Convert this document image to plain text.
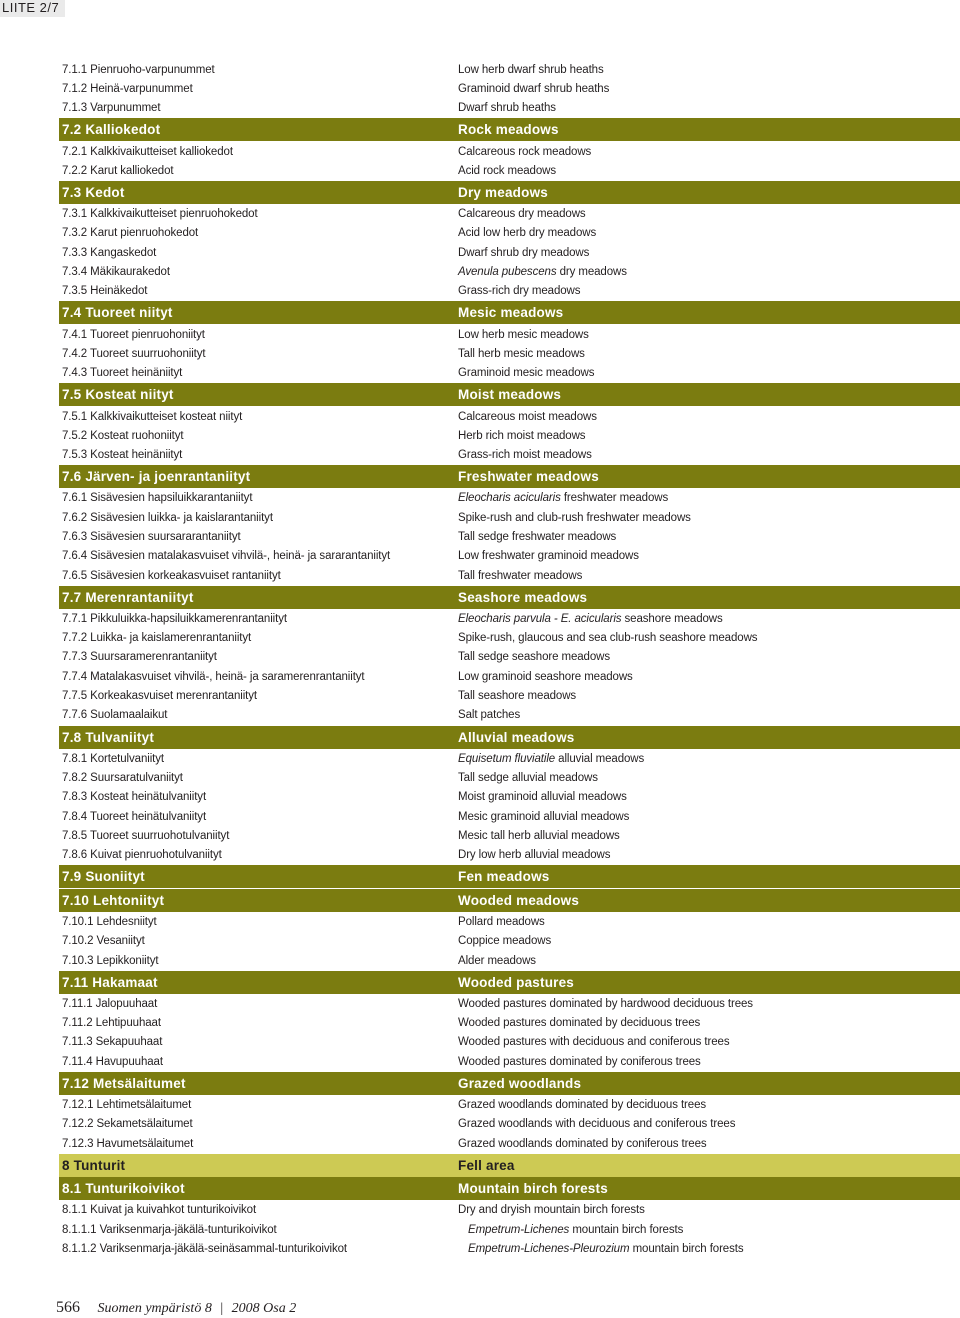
LIITE 2/7
7.1.1 Pienruoho-varpunummet	Low herb dwarf shrub heaths
7.1.2 Heinä-varpunummet	Graminoid dwarf shrub heaths
7.1.3 Varpunummet	Dwarf shrub heaths
7.2 Kalliokedot	Rock meadows
7.2.1 Kalkkivaikutteiset kalliokedot	Calcareous rock meadows
7.2.2 Karut kalliokedot	Acid rock meadows
7.3 Kedot	Dry meadows
7.3.1 Kalkkivaikutteiset pienruohokedot	Calcareous dry meadows
7.3.2 Karut pienruohokedot	Acid low herb dry meadows
7.3.3 Kangaskedot	Dwarf shrub dry meadows
7.3.4 Mäkikaurakedot	Avenula pubescens dry meadows
7.3.5 Heinäkedot	Grass-rich dry meadows
7.4 Tuoreet niityt	Mesic meadows
7.4.1 Tuoreet pienruohoniityt	Low herb mesic meadows
7.4.2 Tuoreet suurruohoniityt	Tall herb mesic meadows
7.4.3 Tuoreet heinäniityt	Graminoid mesic meadows
7.5 Kosteat niityt	Moist meadows
7.5.1 Kalkkivaikutteiset kosteat niityt	Calcareous moist meadows
7.5.2 Kosteat ruohoniityt	Herb rich moist meadows
7.5.3 Kosteat heinäniityt	Grass-rich moist meadows
7.6 Järven- ja joenrantaniityt	Freshwater meadows
7.6.1 Sisävesien hapsiluikkarantaniityt	Eleocharis acicularis freshwater meadows
7.6.2 Sisävesien luikka- ja kaislarantaniityt	Spike-rush and club-rush freshwater meadows
7.6.3 Sisävesien suursararantaniityt	Tall sedge freshwater meadows
7.6.4 Sisävesien matalakasvuiset vihvilä-, heinä- ja sararantaniityt	Low freshwater graminoid meadows
7.6.5 Sisävesien korkeakasvuiset rantaniityt	Tall freshwater meadows
7.7 Merenrantaniityt	Seashore meadows
7.7.1 Pikkuluikka-hapsiluikkamerenrantaniityt	Eleocharis parvula - E. acicularis seashore meadows
7.7.2 Luikka- ja kaislamerenrantaniityt	Spike-rush, glaucous and sea club-rush seashore meadows
7.7.3 Suursaramerenrantaniityt	Tall sedge seashore meadows
7.7.4 Matalakasvuiset vihvilä-, heinä- ja saramerenrantaniityt	Low graminoid seashore meadows
7.7.5 Korkeakasvuiset merenrantaniityt	Tall seashore meadows
7.7.6 Suolamaalaikut	Salt patches
7.8 Tulvaniityt	Alluvial meadows
7.8.1 Kortetulvaniityt	Equisetum fluviatile alluvial meadows
7.8.2 Suursaratulvaniityt	Tall sedge alluvial meadows
7.8.3 Kosteat heinätulvaniityt	Moist graminoid alluvial meadows
7.8.4 Tuoreet heinätulvaniityt	Mesic graminoid alluvial meadows
7.8.5 Tuoreet suurruohotulvaniityt	Mesic tall herb alluvial meadows
7.8.6 Kuivat pienruohotulvaniityt	Dry low herb alluvial meadows
7.9 Suoniityt	Fen meadows
7.10 Lehtoniityt	Wooded meadows
7.10.1 Lehdesniityt	Pollard meadows
7.10.2 Vesaniityt	Coppice meadows
7.10.3 Lepikkoniityt	Alder meadows
7.11 Hakamaat	Wooded pastures
7.11.1 Jalopuuhaat	Wooded pastures dominated by hardwood deciduous trees
7.11.2 Lehtipuuhaat	Wooded pastures dominated by deciduous trees
7.11.3 Sekapuuhaat	Wooded pastures with deciduous and coniferous trees
7.11.4 Havupuuhaat	Wooded pastures dominated by coniferous trees
7.12 Metsälaitumet	Grazed woodlands
7.12.1 Lehtimetsälaitumet	Grazed woodlands dominated by deciduous trees
7.12.2 Sekametsälaitumet	Grazed woodlands with deciduous and coniferous trees
7.12.3 Havumetsälaitumet	Grazed woodlands dominated by coniferous trees
8 Tunturit	Fell area
8.1 Tunturikoivikot	Mountain birch forests
8.1.1 Kuivat ja kuivahkot tunturikoivikot	Dry and dryish mountain birch forests
8.1.1.1 Variksenmarja-jäkälä-tunturikoivikot	Empetrum-Lichenes mountain birch forests
8.1.1.2 Variksenmarja-jäkälä-seinäsammal-tunturikoivikot	Empetrum-Lichenes-Pleurozium mountain birch forests
566 Suomen ympäristö 8 | 2008 Osa 2
